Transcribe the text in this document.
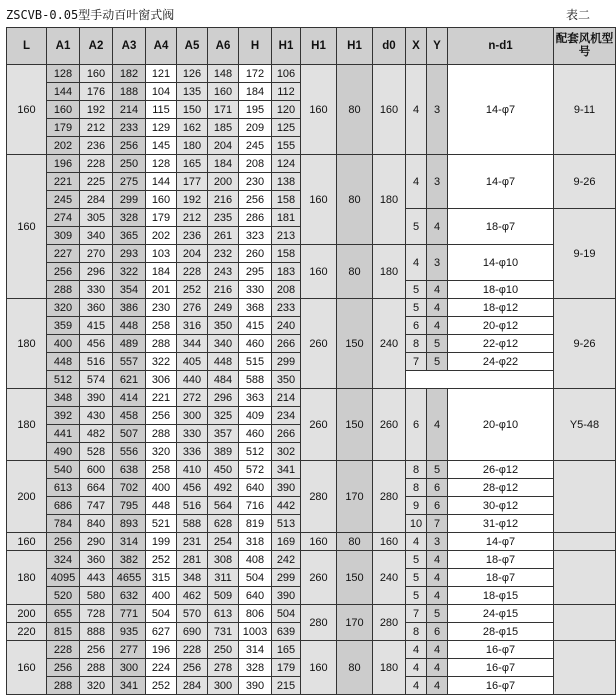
ZSCVB-0.05型手动百叶窗式阀	表二
L	A1	A2	A3	A4	A5	A6	H	H1	H1	H1	d0	X	Y	n-d1	配套风机型号
160	128	160	182	121	126	148	172	106	160	80	160	4	3	14-φ7	9-11
	144	176	188	104	135	160	184	112							
	160	192	214	115	150	171	195	120							
	179	212	233	129	162	185	209	125							
	202	236	256	145	180	204	245	155							
160	196	228	250	128	165	184	208	124	160	80	180	4	3	14-φ7	9-26
	221	225	275	144	177	200	230	138							
	245	284	299	160	192	216	256	158							
	274	305	328	179	212	235	286	181				5	4	18-φ7	9-19
	309	340	365	202	236	261	323	213							
	227	270	293	103	204	232	260	158	160	80	180	4	3	14-φ10	
	256	296	322	184	228	243	295	183							
	288	330	354	201	252	216	330	208				5	4	18-φ10	
180	320	360	386	230	276	249	368	233	260	150	240	5	4	18-φ12	9-26
	359	415	448	258	316	350	415	240				6	4	20-φ12	
	400	456	489	288	344	340	460	266				8	5	22-φ12	
	448	516	557	322	405	448	515	299				7	5	24-φ22	
	512	574	621	306	440	484	588	350							
180	348	390	414	221	272	296	363	214	260	150	260	6	4	20-φ10	Y5-48
	392	430	458	256	300	325	409	234							
	441	482	507	288	330	357	460	266							
	490	528	556	320	336	389	512	302							
200	540	600	638	258	410	450	572	341	280	170	280	8	5	26-φ12	
	613	664	702	400	456	492	640	390				8	6	28-φ12	
	686	747	795	448	516	564	716	442				9	6	30-φ12	
	784	840	893	521	588	628	819	513				10	7	31-φ12	
160	256	290	314	199	231	254	318	169	160	80	160	4	3	14-φ7	
180	324	360	382	252	281	308	408	242	260	150	240	5	4	18-φ7	
	4095	443	4655	315	348	311	504	299				5	4	18-φ7	
	520	580	632	400	462	509	640	390				5	4	18-φ15	
200	655	728	771	504	570	613	806	504	280	170	280	7	5	24-φ15	
220	815	888	935	627	690	731	1003	639				8	6	28-φ15	
160	228	256	277	196	228	250	314	165	160	80	180	4	4	16-φ7	
	256	288	300	224	256	278	328	179				4	4	16-φ7	
	288	320	341	252	284	300	390	215				4	4	16-φ7	
